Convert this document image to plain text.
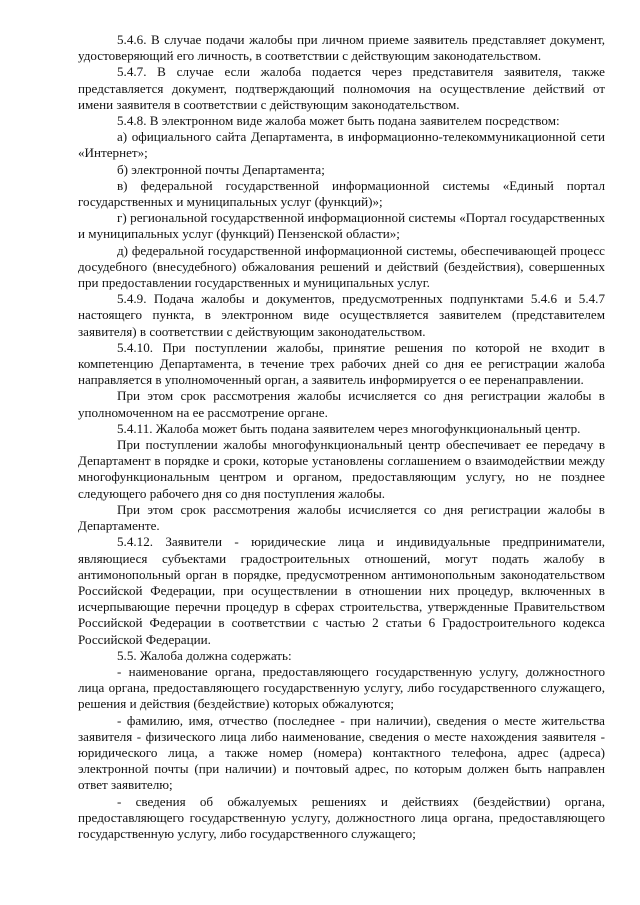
5.4.6. В случае подачи жалобы при личном приеме заявитель представляет документ, удостоверяющий его личность, в соответствии с действующим законодательством.

5.4.7. В случае если жалоба подается через представителя заявителя, также представляется документ, подтверждающий полномочия на осуществление действий от имени заявителя в соответствии с действующим законодательством.

5.4.8. В электронном виде жалоба может быть подана заявителем посредством:

а) официального сайта Департамента, в информационно-телекоммуникационной сети «Интернет»;

б) электронной почты Департамента;

в) федеральной государственной информационной системы «Единый портал государственных и муниципальных услуг (функций)»;

г) региональной государственной информационной системы «Портал государственных и муниципальных услуг (функций) Пензенской области»;

д) федеральной государственной информационной системы, обеспечивающей процесс досудебного (внесудебного) обжалования решений и действий (бездействия), совершенных при предоставлении государственных и муниципальных услуг.

5.4.9. Подача жалобы и документов, предусмотренных подпунктами 5.4.6 и 5.4.7 настоящего пункта, в электронном виде осуществляется заявителем (представителем заявителя) в соответствии с действующим законодательством.

5.4.10. При поступлении жалобы, принятие решения по которой не входит в компетенцию Департамента, в течение трех рабочих дней со дня ее регистрации жалоба направляется в уполномоченный орган, а заявитель информируется о ее перенаправлении.

При этом срок рассмотрения жалобы исчисляется со дня регистрации жалобы в уполномоченном на ее рассмотрение органе.

5.4.11. Жалоба может быть подана заявителем через многофункциональный центр.

При поступлении жалобы многофункциональный центр обеспечивает ее передачу в Департамент в порядке и сроки, которые установлены соглашением о взаимодействии между многофункциональным центром и органом, предоставляющим услугу, но не позднее следующего рабочего дня со дня поступления жалобы.

При этом срок рассмотрения жалобы исчисляется со дня регистрации жалобы в Департаменте.

5.4.12. Заявители - юридические лица и индивидуальные предприниматели, являющиеся субъектами градостроительных отношений, могут подать жалобу в антимонопольный орган в порядке, предусмотренном антимонопольным законодательством Российской Федерации, при осуществлении в отношении них процедур, включенных в исчерпывающие перечни процедур в сферах строительства, утвержденные Правительством Российской Федерации в соответствии с частью 2 статьи 6 Градостроительного кодекса Российской Федерации.

5.5. Жалоба должна содержать:

- наименование органа, предоставляющего государственную услугу, должностного лица органа, предоставляющего государственную услугу, либо государственного служащего, решения и действия (бездействие) которых обжалуются;

- фамилию, имя, отчество (последнее - при наличии), сведения о месте жительства заявителя - физического лица либо наименование, сведения о месте нахождения заявителя - юридического лица, а также номер (номера) контактного телефона, адрес (адреса) электронной почты (при наличии) и почтовый адрес, по которым должен быть направлен ответ заявителю;

- сведения об обжалуемых решениях и действиях (бездействии) органа, предоставляющего государственную услугу, должностного лица органа, предоставляющего государственную услугу, либо государственного служащего;
